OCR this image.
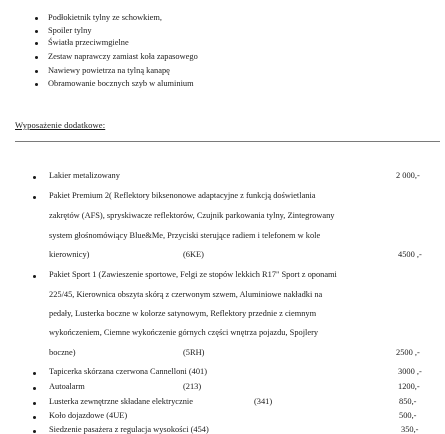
Podłokietnik tylny ze schowkiem,
Spoiler tylny
Światła przeciwmgielne
Zestaw naprawczy zamiast koła zapasowego
Nawiewy powietrza na tylną kanapę
Obramowanie bocznych szyb w aluminium
Wyposażenie dodatkowe:
Lakier metalizowany	2 000,-
Pakiet Premium 2( Reflektory biksenonowe adaptacyjne z funkcją doświetlania
zakrętów (AFS), spryskiwacze reflektorów, Czujnik parkowania tylny, Zintegrowany
system głośnomówiący Blue&Me, Przyciski sterujące radiem i telefonem w kole
kierownicy)	(6KE)	4500 ,-
Pakiet Sport 1 (Zawieszenie sportowe, Felgi ze stopów lekkich R17" Sport z oponami
225/45, Kierownica obszyta skórą z czerwonym szwem, Aluminiowe nakładki na
pedały, Lusterka boczne w kolorze satynowym, Reflektory przednie z ciemnym
wykończeniem, Ciemne wykończenie górnych części wnętrza pojazdu, Spojlery
boczne)	(5RH)	2500 ,-
Tapicerka skórzana czerwona Cannelloni (401)	3000 ,-
Autoalarm	(213)	1200,-
Lusterka zewnętrzne składane elektrycznie	(341)	850,-
Koło dojazdowe (4UE)	500,-
Siedzenie pasażera z regulacja wysokości (454)	350,-
